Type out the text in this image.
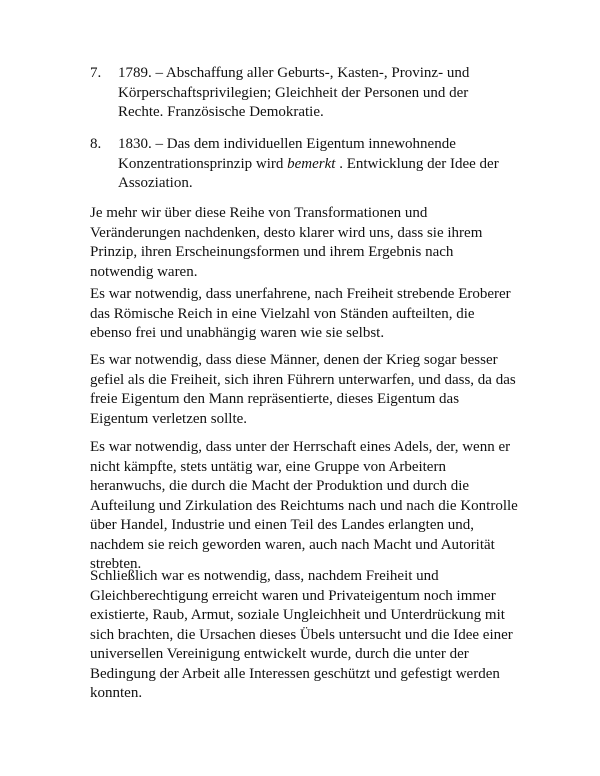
7. 1789. – Abschaffung aller Geburts-, Kasten-, Provinz- und
Körperschaftsprivilegien; Gleichheit der Personen und der
Rechte. Französische Demokratie.
8. 1830. – Das dem individuellen Eigentum innewohnende
Konzentrationsprinzip wird bemerkt . Entwicklung der Idee der
Assoziation.

Je mehr wir über diese Reihe von Transformationen und
Veränderungen nachdenken, desto klarer wird uns, dass sie ihrem
Prinzip, ihren Erscheinungsformen und ihrem Ergebnis nach
notwendig waren.

Es war notwendig, dass unerfahrene, nach Freiheit strebende Eroberer
das Römische Reich in eine Vielzahl von Ständen aufteilten, die
ebenso frei und unabhängig waren wie sie selbst.

Es war notwendig, dass diese Männer, denen der Krieg sogar besser
gefiel als die Freiheit, sich ihren Führern unterwarfen, und dass, da das
freie Eigentum den Mann repräsentierte, dieses Eigentum das
Eigentum verletzen sollte.

Es war notwendig, dass unter der Herrschaft eines Adels, der, wenn er
nicht kämpfte, stets untätig war, eine Gruppe von Arbeitern
heranwuchs, die durch die Macht der Produktion und durch die
Aufteilung und Zirkulation des Reichtums nach und nach die Kontrolle
über Handel, Industrie und einen Teil des Landes erlangten und,
nachdem sie reich geworden waren, auch nach Macht und Autorität
strebten.

Schließlich war es notwendig, dass, nachdem Freiheit und
Gleichberechtigung erreicht waren und Privateigentum noch immer
existierte, Raub, Armut, soziale Ungleichheit und Unterdrückung mit
sich brachten, die Ursachen dieses Übels untersucht und die Idee einer
universellen Vereinigung entwickelt wurde, durch die unter der
Bedingung der Arbeit alle Interessen geschützt und gefestigt werden
konnten.
